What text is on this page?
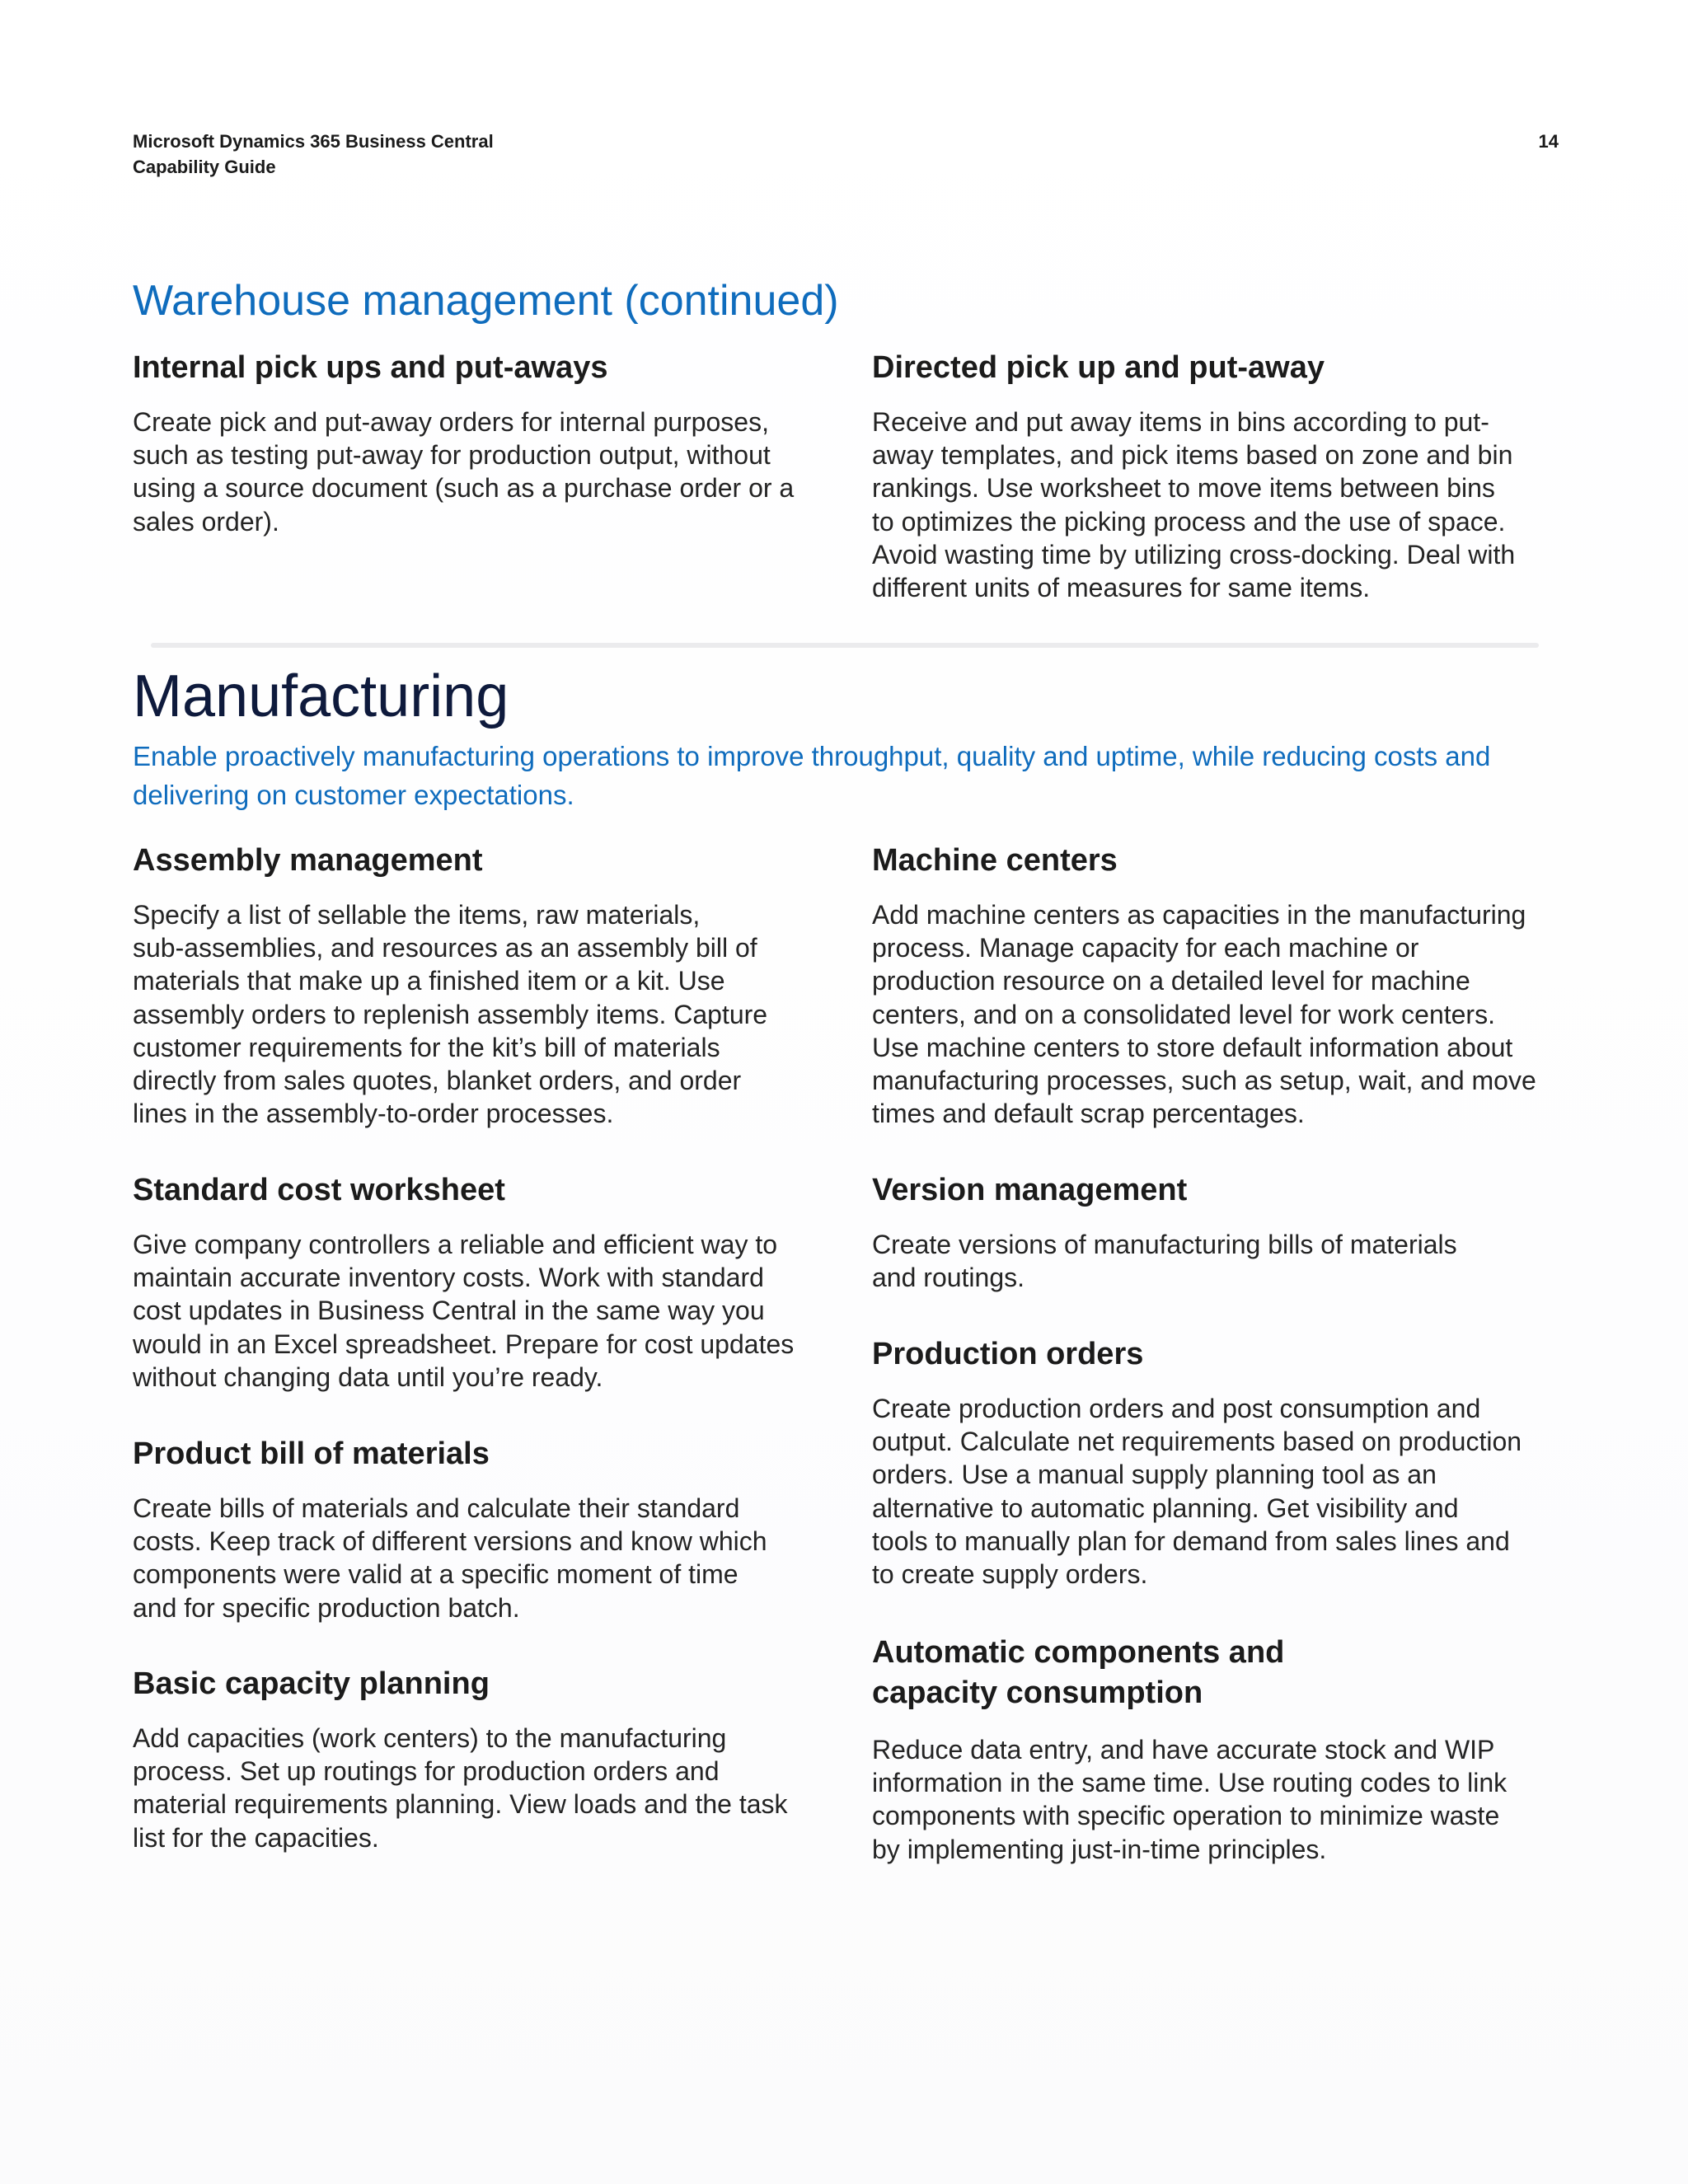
Microsoft Dynamics 365 Business Central
Capability Guide
14
Warehouse management (continued)
Internal pick ups and put-aways

Create pick and put-away orders for internal purposes,
such as testing put-away for production output, without
using a source document (such as a purchase order or a
sales order).

Directed pick up and put-away

Receive and put away items in bins according to put-
away templates, and pick items based on zone and bin
rankings. Use worksheet to move items between bins
to optimizes the picking process and the use of space.
Avoid wasting time by utilizing cross-docking. Deal with
different units of measures for same items.

Manufacturing

Enable proactively manufacturing operations to improve throughput, quality and uptime, while reducing costs and
delivering on customer expectations.

Assembly management

Specify a list of sellable the items, raw materials,
sub-assemblies, and resources as an assembly bill of
materials that make up a finished item or a kit. Use
assembly orders to replenish assembly items. Capture
customer requirements for the kit’s bill of materials
directly from sales quotes, blanket orders, and order
lines in the assembly-to-order processes.

Standard cost worksheet

Give company controllers a reliable and efficient way to
maintain accurate inventory costs. Work with standard
cost updates in Business Central in the same way you
would in an Excel spreadsheet. Prepare for cost updates
without changing data until you’re ready.

Product bill of materials

Create bills of materials and calculate their standard
costs. Keep track of different versions and know which
components were valid at a specific moment of time
and for specific production batch.

Basic capacity planning

Add capacities (work centers) to the manufacturing
process. Set up routings for production orders and
material requirements planning. View loads and the task
list for the capacities.

Machine centers

Add machine centers as capacities in the manufacturing
process. Manage capacity for each machine or
production resource on a detailed level for machine
centers, and on a consolidated level for work centers.
Use machine centers to store default information about
manufacturing processes, such as setup, wait, and move
times and default scrap percentages.

Version management

Create versions of manufacturing bills of materials
and routings.

Production orders

Create production orders and post consumption and
output. Calculate net requirements based on production
orders. Use a manual supply planning tool as an
alternative to automatic planning. Get visibility and
tools to manually plan for demand from sales lines and
to create supply orders.

Automatic components and
capacity consumption

Reduce data entry, and have accurate stock and WIP
information in the same time. Use routing codes to link
components with specific operation to minimize waste
by implementing just-in-time principles.
